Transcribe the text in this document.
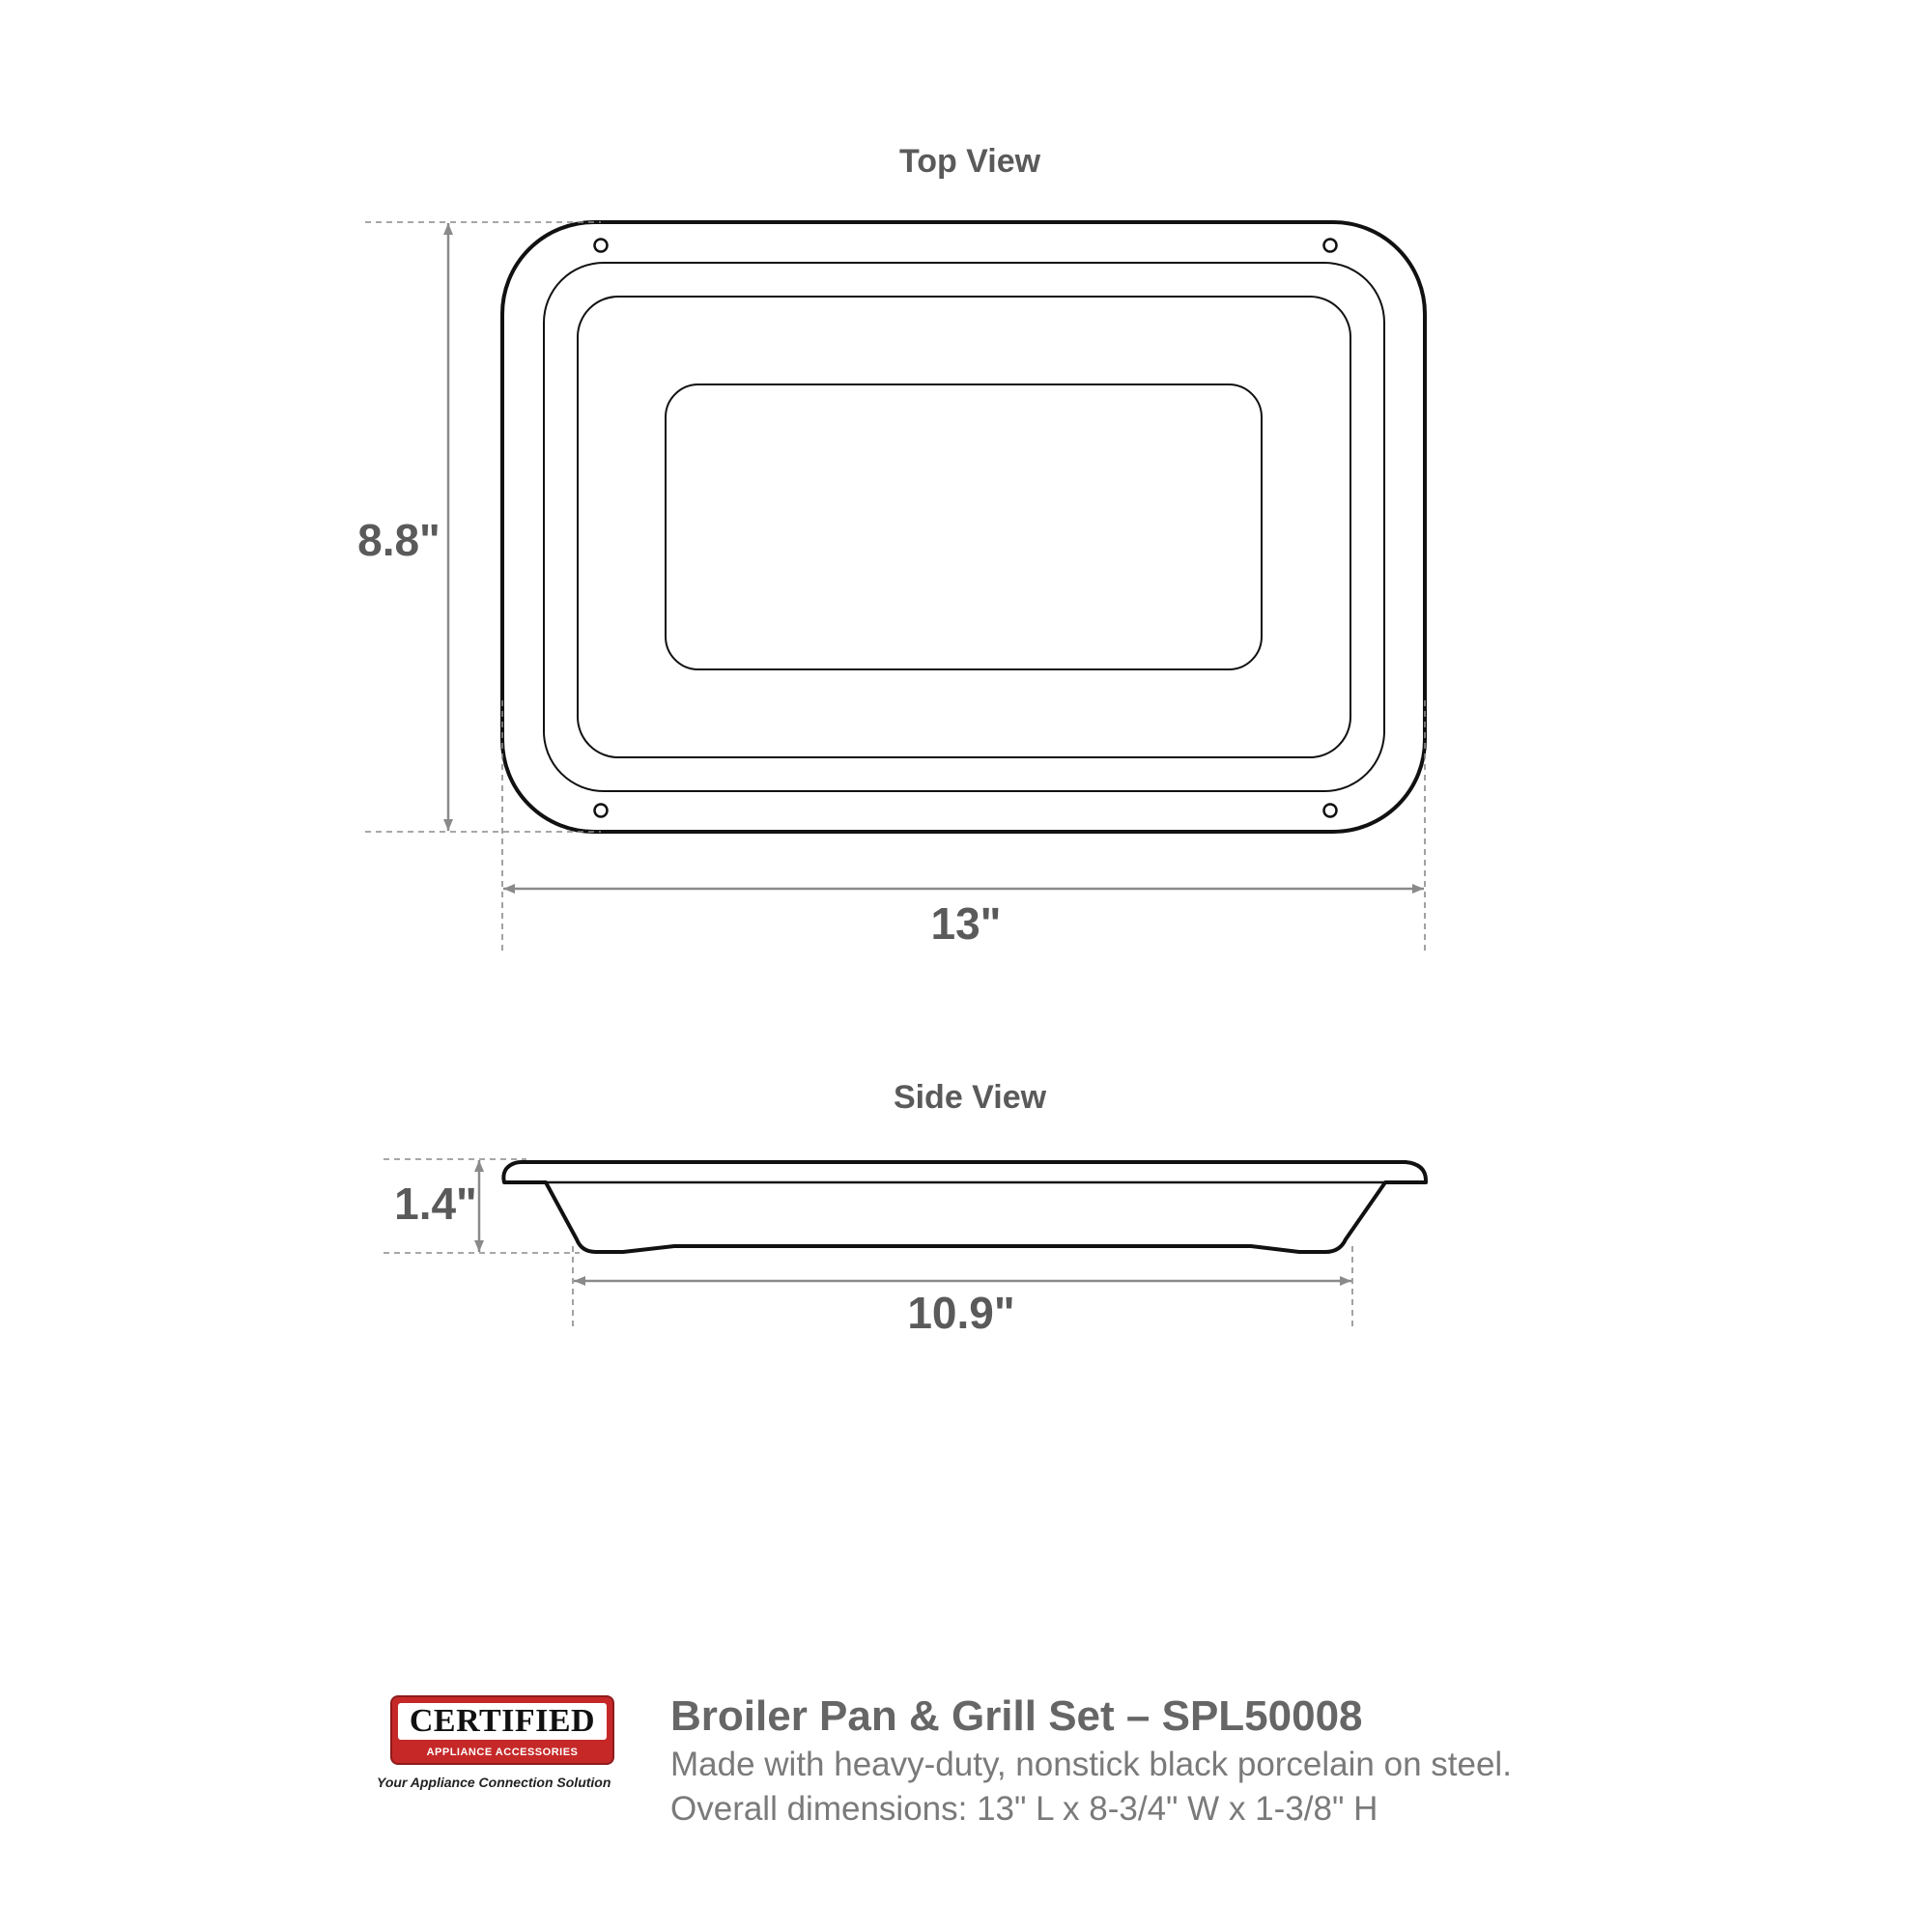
Top View
8.8"
13"
Side View
1.4"
10.9"
CERTIFIED
APPLIANCE ACCESSORIES
Your Appliance Connection Solution
Broiler Pan & Grill Set – SPL50008
Made with heavy-duty, nonstick black porcelain on steel.
Overall dimensions: 13" L x 8-3/4" W x 1-3/8" H
